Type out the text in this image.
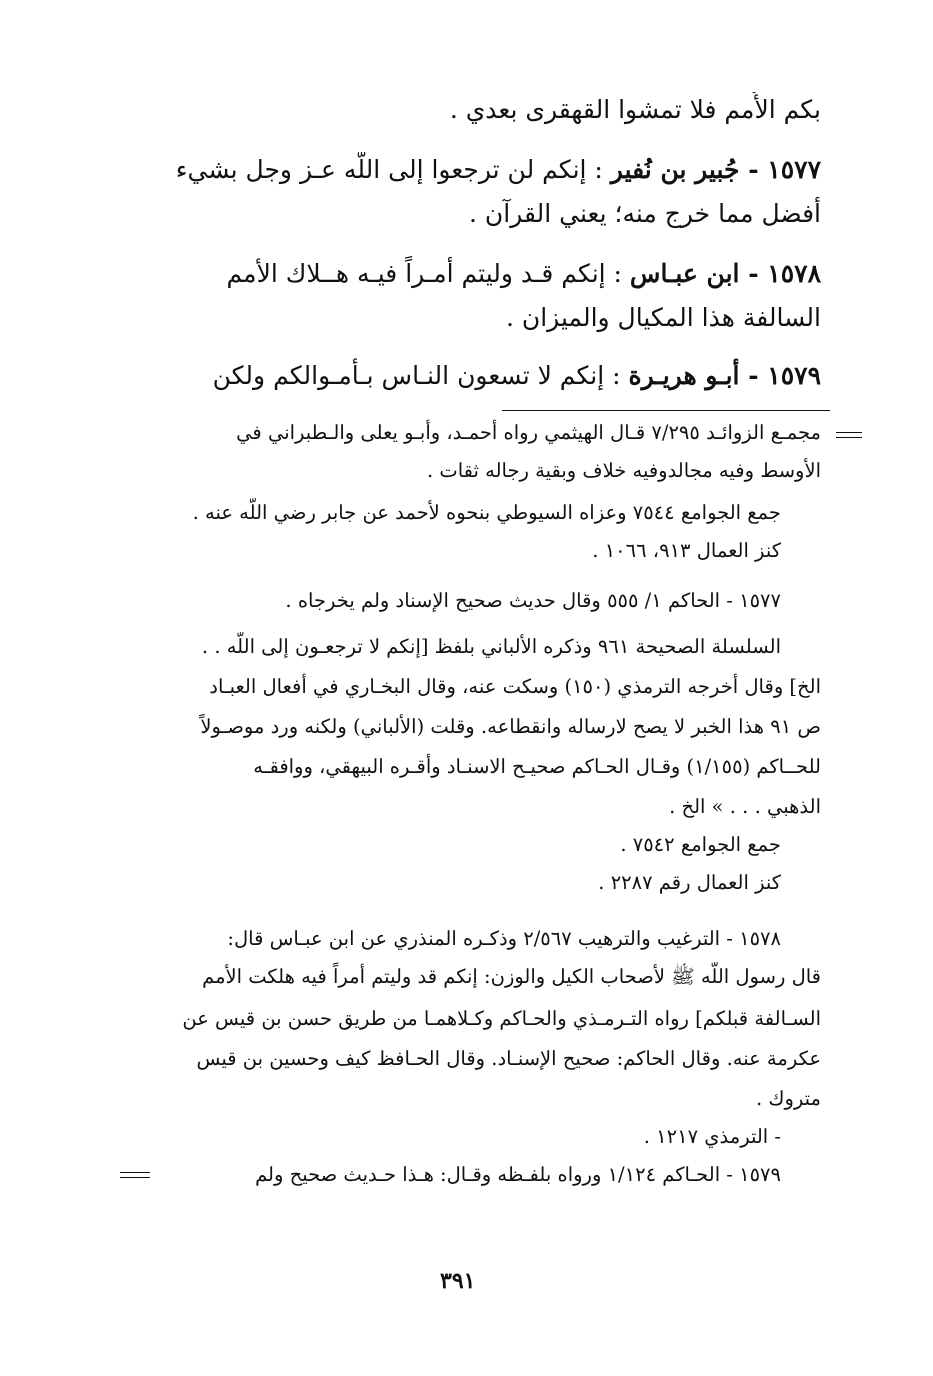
بكم الأُمم فلا تمشوا القهقرى بعدي .
١٥٧٧ - جُبير بن نُفير : إنكم لن ترجعوا إلى اللّه عـز وجل بشيء
أفضل مما خرج منه؛ يعني القرآن .
١٥٧٨ - ابن عبـاس : إنكم قـد وليتم أمـراً فيـه هــلاك الأمم
السالفة هذا المكيال والميزان .
١٥٧٩ - أبـو هريـرة : إنكم لا تسعون النـاس بـأمـوالكم ولكن
مجمـع الزوائـد ٧/٢٩٥ قـال الهيثمي رواه أحمـد، وأبـو يعلى والـطبراني في
الأوسط وفيه مجالدوفيه خلاف وبقية رجاله ثقات .
جمع الجوامع ٧٥٤٤ وعزاه السيوطي بنحوه لأحمد عن جابر رضي اللّه عنه .
كنز العمال ٩١٣، ١٠٦٦ .
١٥٧٧ - الحاكم ١/ ٥٥٥ وقال حديث صحيح الإسناد ولم يخرجاه .
السلسلة الصحيحة ٩٦١ وذكره الألباني بلفظ [إنكم لا ترجعـون إلى اللّه . .
الخ] وقال أخرجه الترمذي (١٥٠) وسكت عنه، وقال البخـاري في أفعال العبـاد
ص ٩١ هذا الخبر لا يصح لارساله وانقطاعه. وقلت (الألباني) ولكنه ورد موصـولاً
للحــاكم (١/١٥٥) وقـال الحـاكم صحيـح الاسنـاد وأقـره البيهقي، ووافقـه
الذهبي . . . » الخ .
جمع الجوامع ٧٥٤٢ .
كنز العمال رقم ٢٢٨٧ .
١٥٧٨ - الترغيب والترهيب ٢/٥٦٧ وذكـره المنذري عن ابن عبـاس قال:
قال رسول اللّه ﷺ لأصحاب الكيل والوزن: إنكم قد وليتم أمراً فيه هلكت الأمم
السـالفة قبلكم] رواه التـرمـذي والحـاكم وكـلاهمـا من طريق حسن بن قيس عن
عكرمة عنه. وقال الحاكم: صحيح الإسنـاد. وقال الحـافظ كيف وحسين بن قيس
متروك .
- الترمذي ١٢١٧ .
١٥٧٩ - الحـاكم ١/١٢٤ ورواه بلفـظه وقـال: هـذا حـديث صحيح ولم
٣٩١
